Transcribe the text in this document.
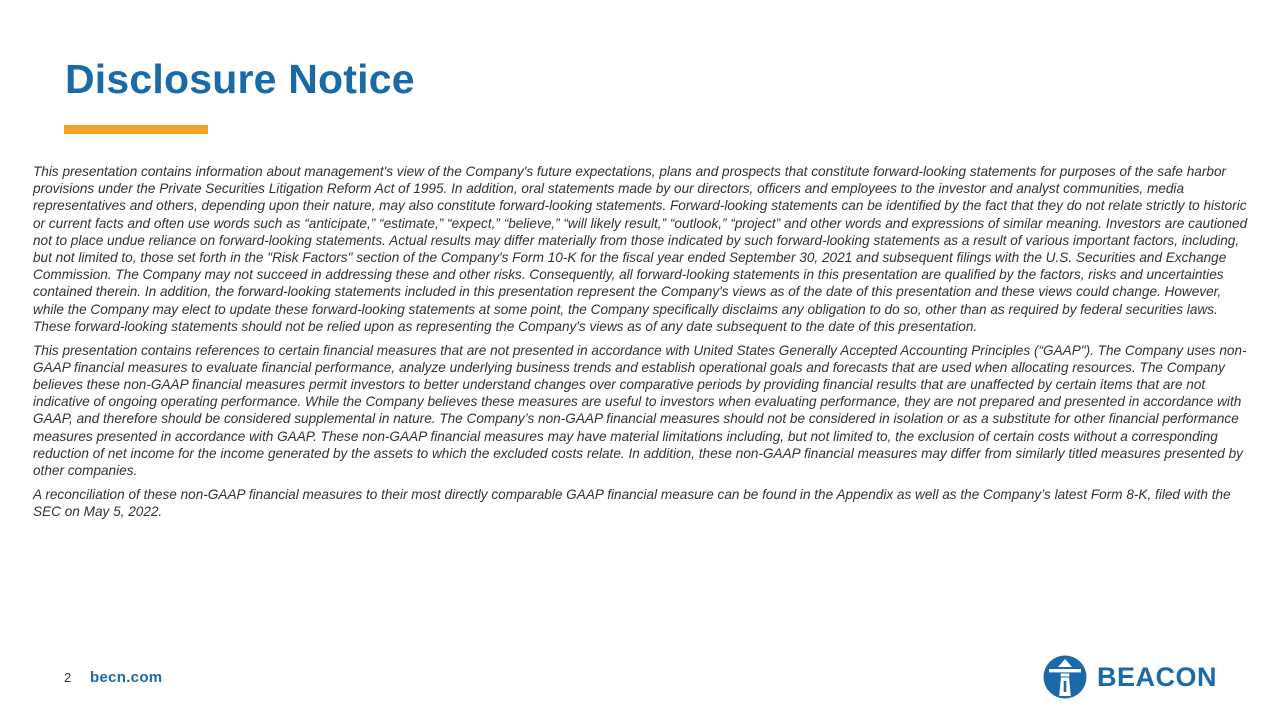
Disclosure Notice

This presentation contains information about management's view of the Company's future expectations, plans and prospects that constitute forward-looking statements for purposes of the safe harbor provisions under the Private Securities Litigation Reform Act of 1995. In addition, oral statements made by our directors, officers and employees to the investor and analyst communities, media representatives and others, depending upon their nature, may also constitute forward-looking statements. Forward-looking statements can be identified by the fact that they do not relate strictly to historic or current facts and often use words such as “anticipate,” “estimate,” “expect,” “believe,” “will likely result,” “outlook,” “project” and other words and expressions of similar meaning. Investors are cautioned not to place undue reliance on forward-looking statements. Actual results may differ materially from those indicated by such forward-looking statements as a result of various important factors, including, but not limited to, those set forth in the "Risk Factors" section of the Company's Form 10-K for the fiscal year ended September 30, 2021 and subsequent filings with the U.S. Securities and Exchange Commission. The Company may not succeed in addressing these and other risks. Consequently, all forward-looking statements in this presentation are qualified by the factors, risks and uncertainties contained therein. In addition, the forward-looking statements included in this presentation represent the Company's views as of the date of this presentation and these views could change. However, while the Company may elect to update these forward-looking statements at some point, the Company specifically disclaims any obligation to do so, other than as required by federal securities laws. These forward-looking statements should not be relied upon as representing the Company's views as of any date subsequent to the date of this presentation.

This presentation contains references to certain financial measures that are not presented in accordance with United States Generally Accepted Accounting Principles (“GAAP"). The Company uses non-GAAP financial measures to evaluate financial performance, analyze underlying business trends and establish operational goals and forecasts that are used when allocating resources. The Company believes these non-GAAP financial measures permit investors to better understand changes over comparative periods by providing financial results that are unaffected by certain items that are not indicative of ongoing operating performance. While the Company believes these measures are useful to investors when evaluating performance, they are not prepared and presented in accordance with GAAP, and therefore should be considered supplemental in nature. The Company’s non-GAAP financial measures should not be considered in isolation or as a substitute for other financial performance measures presented in accordance with GAAP. These non-GAAP financial measures may have material limitations including, but not limited to, the exclusion of certain costs without a corresponding reduction of net income for the income generated by the assets to which the excluded costs relate. In addition, these non-GAAP financial measures may differ from similarly titled measures presented by other companies.

A reconciliation of these non-GAAP financial measures to their most directly comparable GAAP financial measure can be found in the Appendix as well as the Company’s latest Form 8-K, filed with the SEC on May 5, 2022.

2 becn.com	BEACON
